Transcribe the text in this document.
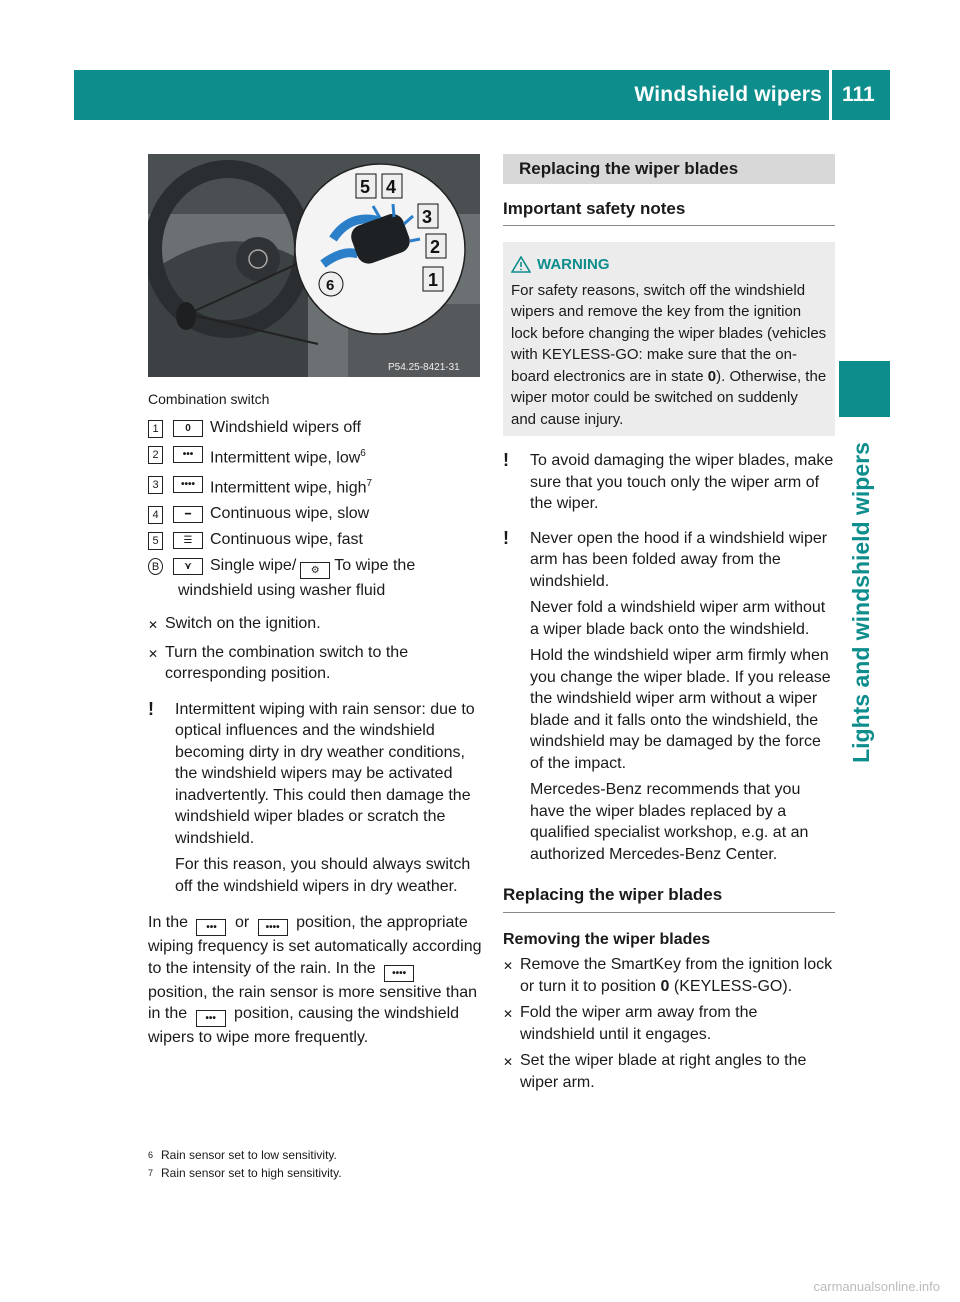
Windshield wipers 111
Lights and windshield wipers
5 4
3
2
1
6
P54.25-8421-31
Combination switch
1	0	Windshield wipers off
2	•••	Intermittent wipe, low$^6$
3	•••• Intermittent wipe, high$^7$
4	━	Continuous wipe, slow
5	☰	Continuous wipe, fast
B	⋎	Single wipe/ ⚙ To wipe the
windshield using washer fluid
✕ Switch on the ignition.
✕ Turn the combination switch to the corresponding position.
!	Intermittent wiping with rain sensor: due to optical influences and the windshield becoming dirty in dry weather conditions, the windshield wipers may be activated inadvertently. This could then damage the windshield wiper blades or scratch the windshield.

For this reason, you should always switch off the windshield wipers in dry weather.

In the ••• or •••• position, the appropriate wiping frequency is set automatically according to the intensity of the rain. In the •••• position, the rain sensor is more sensitive than in the ••• position, causing the windshield wipers to wipe more frequently.
Replacing the wiper blades
Important safety notes
WARNING
For safety reasons, switch off the windshield wipers and remove the key from the ignition lock before changing the wiper blades (vehicles with KEYLESS-GO: make sure that the on-board electronics are in state 0). Otherwise, the wiper motor could be switched on suddenly and cause injury.
!	To avoid damaging the wiper blades, make sure that you touch only the wiper arm of the wiper.

!	Never open the hood if a windshield wiper arm has been folded away from the windshield.

Never fold a windshield wiper arm without a wiper blade back onto the windshield.

Hold the windshield wiper arm firmly when you change the wiper blade. If you release the windshield wiper arm without a wiper blade and it falls onto the windshield, the windshield may be damaged by the force of the impact.

Mercedes-Benz recommends that you have the wiper blades replaced by a qualified specialist workshop, e.g. at an authorized Mercedes-Benz Center.

Replacing the wiper blades
Removing the wiper blades
✕ Remove the SmartKey from the ignition lock or turn it to position 0 (KEYLESS-GO).
✕ Fold the wiper arm away from the windshield until it engages.
✕ Set the wiper blade at right angles to the wiper arm.
6 Rain sensor set to low sensitivity.
7 Rain sensor set to high sensitivity.
carmanualsonline.info
